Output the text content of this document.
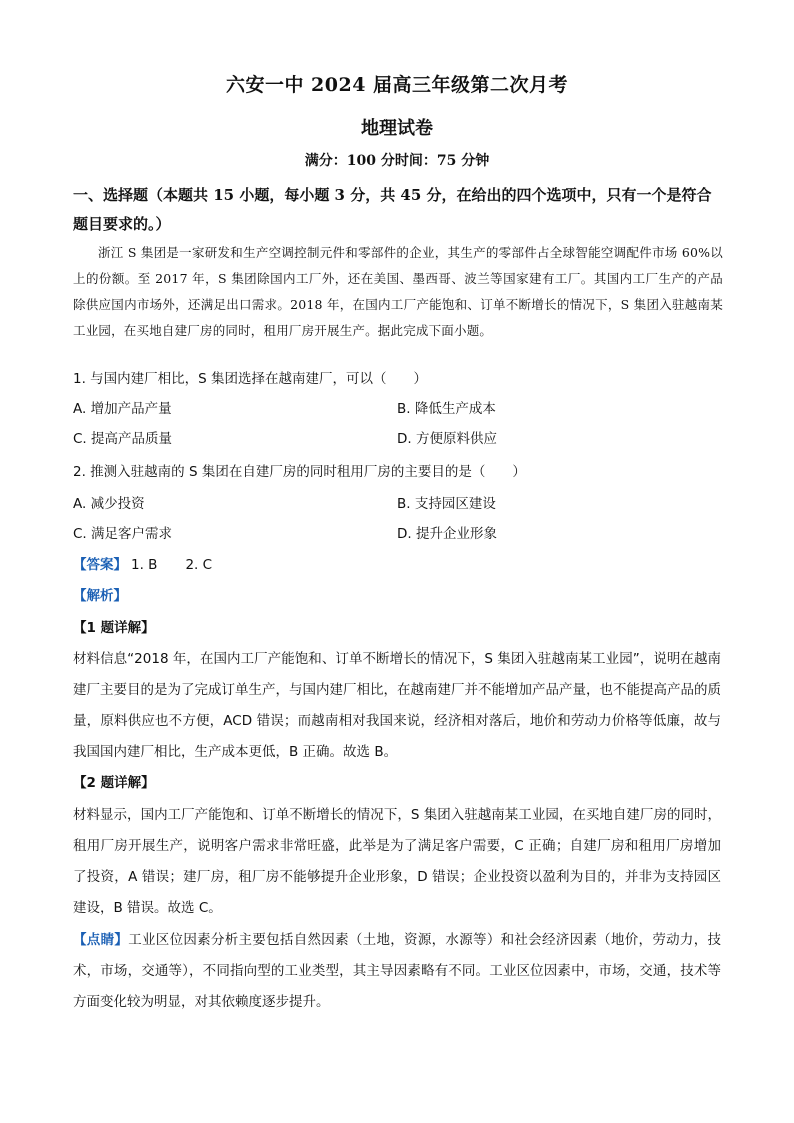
六安一中 2024 届高三年级第二次月考
地理试卷
满分：100 分时间：75 分钟
一、选择题（本题共 15 小题，每小题 3 分，共 45 分，在给出的四个选项中，只有一个是符合题目要求的。）
浙江 S 集团是一家研发和生产空调控制元件和零部件的企业，其生产的零部件占全球智能空调配件市场 60%以上的份额。至 2017 年，S 集团除国内工厂外，还在美国、墨西哥、波兰等国家建有工厂。其国内工厂生产的产品除供应国内市场外，还满足出口需求。2018 年，在国内工厂产能饱和、订单不断增长的情况下，S 集团入驻越南某工业园，在买地自建厂房的同时，租用厂房开展生产。据此完成下面小题。
1. 与国内建厂相比，S 集团选择在越南建厂，可以（　　）
A. 增加产品产量	B. 降低生产成本
C. 提高产品质量	D. 方便原料供应
2. 推测入驻越南的 S 集团在自建厂房的同时租用厂房的主要目的是（　　）
A. 减少投资	B. 支持园区建设
C. 满足客户需求	D. 提升企业形象
【答案】 1. B 2. C
【解析】
【1 题详解】
材料信息“2018 年，在国内工厂产能饱和、订单不断增长的情况下，S 集团入驻越南某工业园”，说明在越南建厂主要目的是为了完成订单生产，与国内建厂相比，在越南建厂并不能增加产品产量，也不能提高产品的质量，原料供应也不方便，ACD 错误；而越南相对我国来说，经济相对落后，地价和劳动力价格等低廉，故与我国国内建厂相比，生产成本更低，B 正确。故选 B。
【2 题详解】
材料显示，国内工厂产能饱和、订单不断增长的情况下，S 集团入驻越南某工业园，在买地自建厂房的同时，租用厂房开展生产，说明客户需求非常旺盛，此举是为了满足客户需要，C 正确；自建厂房和租用厂房增加了投资，A 错误；建厂房，租厂房不能够提升企业形象，D 错误；企业投资以盈利为目的，并非为支持园区建设，B 错误。故选 C。
【点睛】工业区位因素分析主要包括自然因素（土地，资源，水源等）和社会经济因素（地价，劳动力，技术，市场，交通等），不同指向型的工业类型，其主导因素略有不同。工业区位因素中，市场，交通，技术等方面变化较为明显，对其依赖度逐步提升。
